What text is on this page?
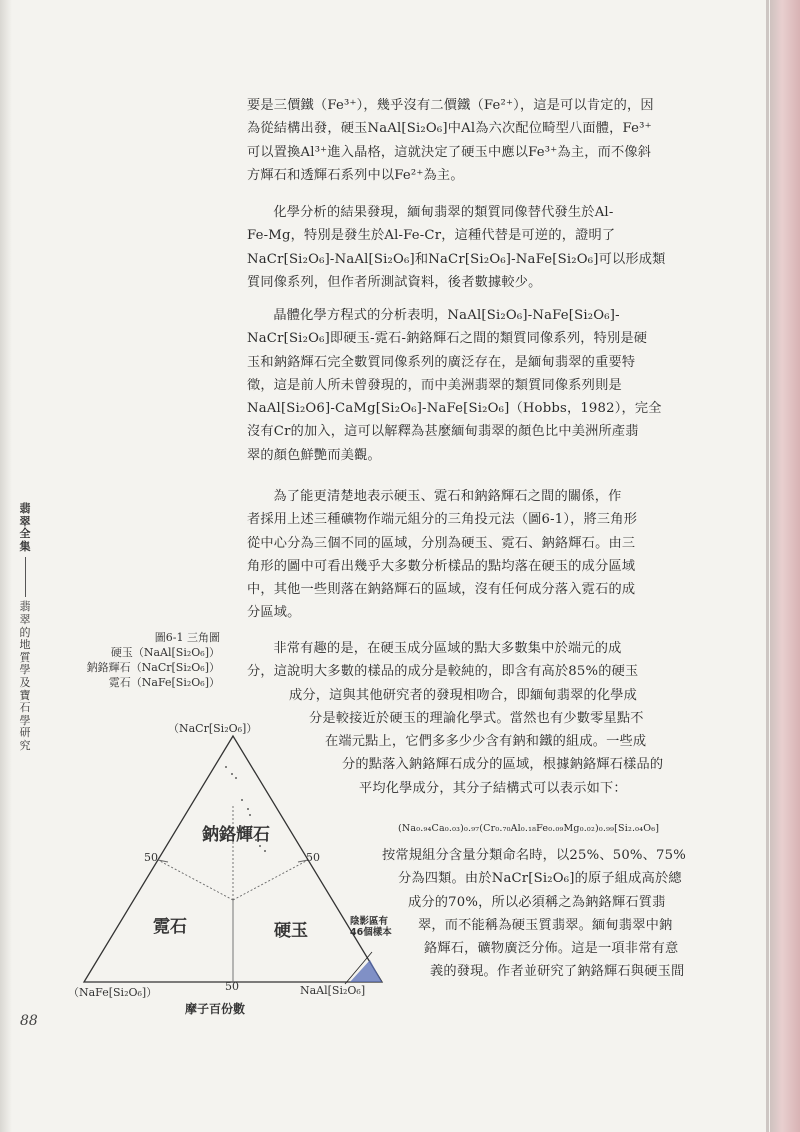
翡翠全集
翡翠的地質學及寶石學研究
要是三價鐵（Fe³⁺），幾乎沒有二價鐵（Fe²⁺），這是可以肯定的，因
為從結構出發，硬玉NaAl[Si₂O₆]中Al為六次配位畸型八面體，Fe³⁺
可以置換Al³⁺進入晶格，這就決定了硬玉中應以Fe³⁺為主，而不像斜
方輝石和透輝石系列中以Fe²⁺為主。
化學分析的結果發現，緬甸翡翠的類質同像替代發生於Al-
Fe-Mg，特別是發生於Al-Fe-Cr，這種代替是可逆的，證明了
NaCr[Si₂O₆]-NaAl[Si₂O₆]和NaCr[Si₂O₆]-NaFe[Si₂O₆]可以形成類
質同像系列，但作者所測試資料，後者數據較少。
晶體化學方程式的分析表明，NaAl[Si₂O₆]-NaFe[Si₂O₆]-
NaCr[Si₂O₆]即硬玉-霓石-鈉鉻輝石之間的類質同像系列，特別是硬
玉和鈉鉻輝石完全數質同像系列的廣泛存在，是緬甸翡翠的重要特
徵，這是前人所未曾發現的，而中美洲翡翠的類質同像系列則是
NaAl[Si₂O6]-CaMg[Si₂O₆]-NaFe[Si₂O₆]（Hobbs，1982），完全
沒有Cr的加入，這可以解釋為甚麼緬甸翡翠的顏色比中美洲所產翡
翠的顏色鮮艷而美觀。
為了能更清楚地表示硬玉、霓石和鈉鉻輝石之間的關係，作
者採用上述三種礦物作端元組分的三角投元法（圖6-1），將三角形
從中心分為三個不同的區域，分別為硬玉、霓石、鈉鉻輝石。由三
角形的圖中可看出幾乎大多數分析樣品的點均落在硬玉的成分區域
中，其他一些則落在鈉鉻輝石的區域，沒有任何成分落入霓石的成
分區域。
非常有趣的是，在硬玉成分區域的點大多數集中於端元的成
分，這說明大多數的樣品的成分是較純的，即含有高於85%的硬玉
成分，這與其他研究者的發現相吻合，即緬甸翡翠的化學成
分是較接近於硬玉的理論化學式。當然也有少數零星點不
在端元點上，它們多多少少含有鈉和鐵的組成。一些成
分的點落入鈉鉻輝石成分的區域，根據鈉鉻輝石樣品的
平均化學成分，其分子結構式可以表示如下：
(Na₀.₉₄Ca₀.₀₃)₀.₉₇(Cr₀.₇₀Al₀.₁₈Fe₀.₀₉Mg₀.₀₂)₀.₉₉[Si₂.₀₄O₆]
按常規組分含量分類命名時，以25%、50%、75%
分為四類。由於NaCr[Si₂O₆]的原子組成高於總
成分的70%，所以必須稱之為鈉鉻輝石質翡
翠，而不能稱為硬玉質翡翠。緬甸翡翠中鈉
鉻輝石，礦物廣泛分佈。這是一項非常有意
義的發現。作者並研究了鈉鉻輝石與硬玉間
圖6-1 三角圖
硬玉（NaAl[Si₂O₆]）
鈉鉻輝石（NaCr[Si₂O₆]）
霓石（NaFe[Si₂O₆]）
（NaCr[Si₂O₆]）
鈉鉻輝石
50	50
霓石	硬玉	陰影區有
46個樣本
（NaFe[Si₂O₆]）	50	NaAl[Si₂O₆]
摩子百份數
88
